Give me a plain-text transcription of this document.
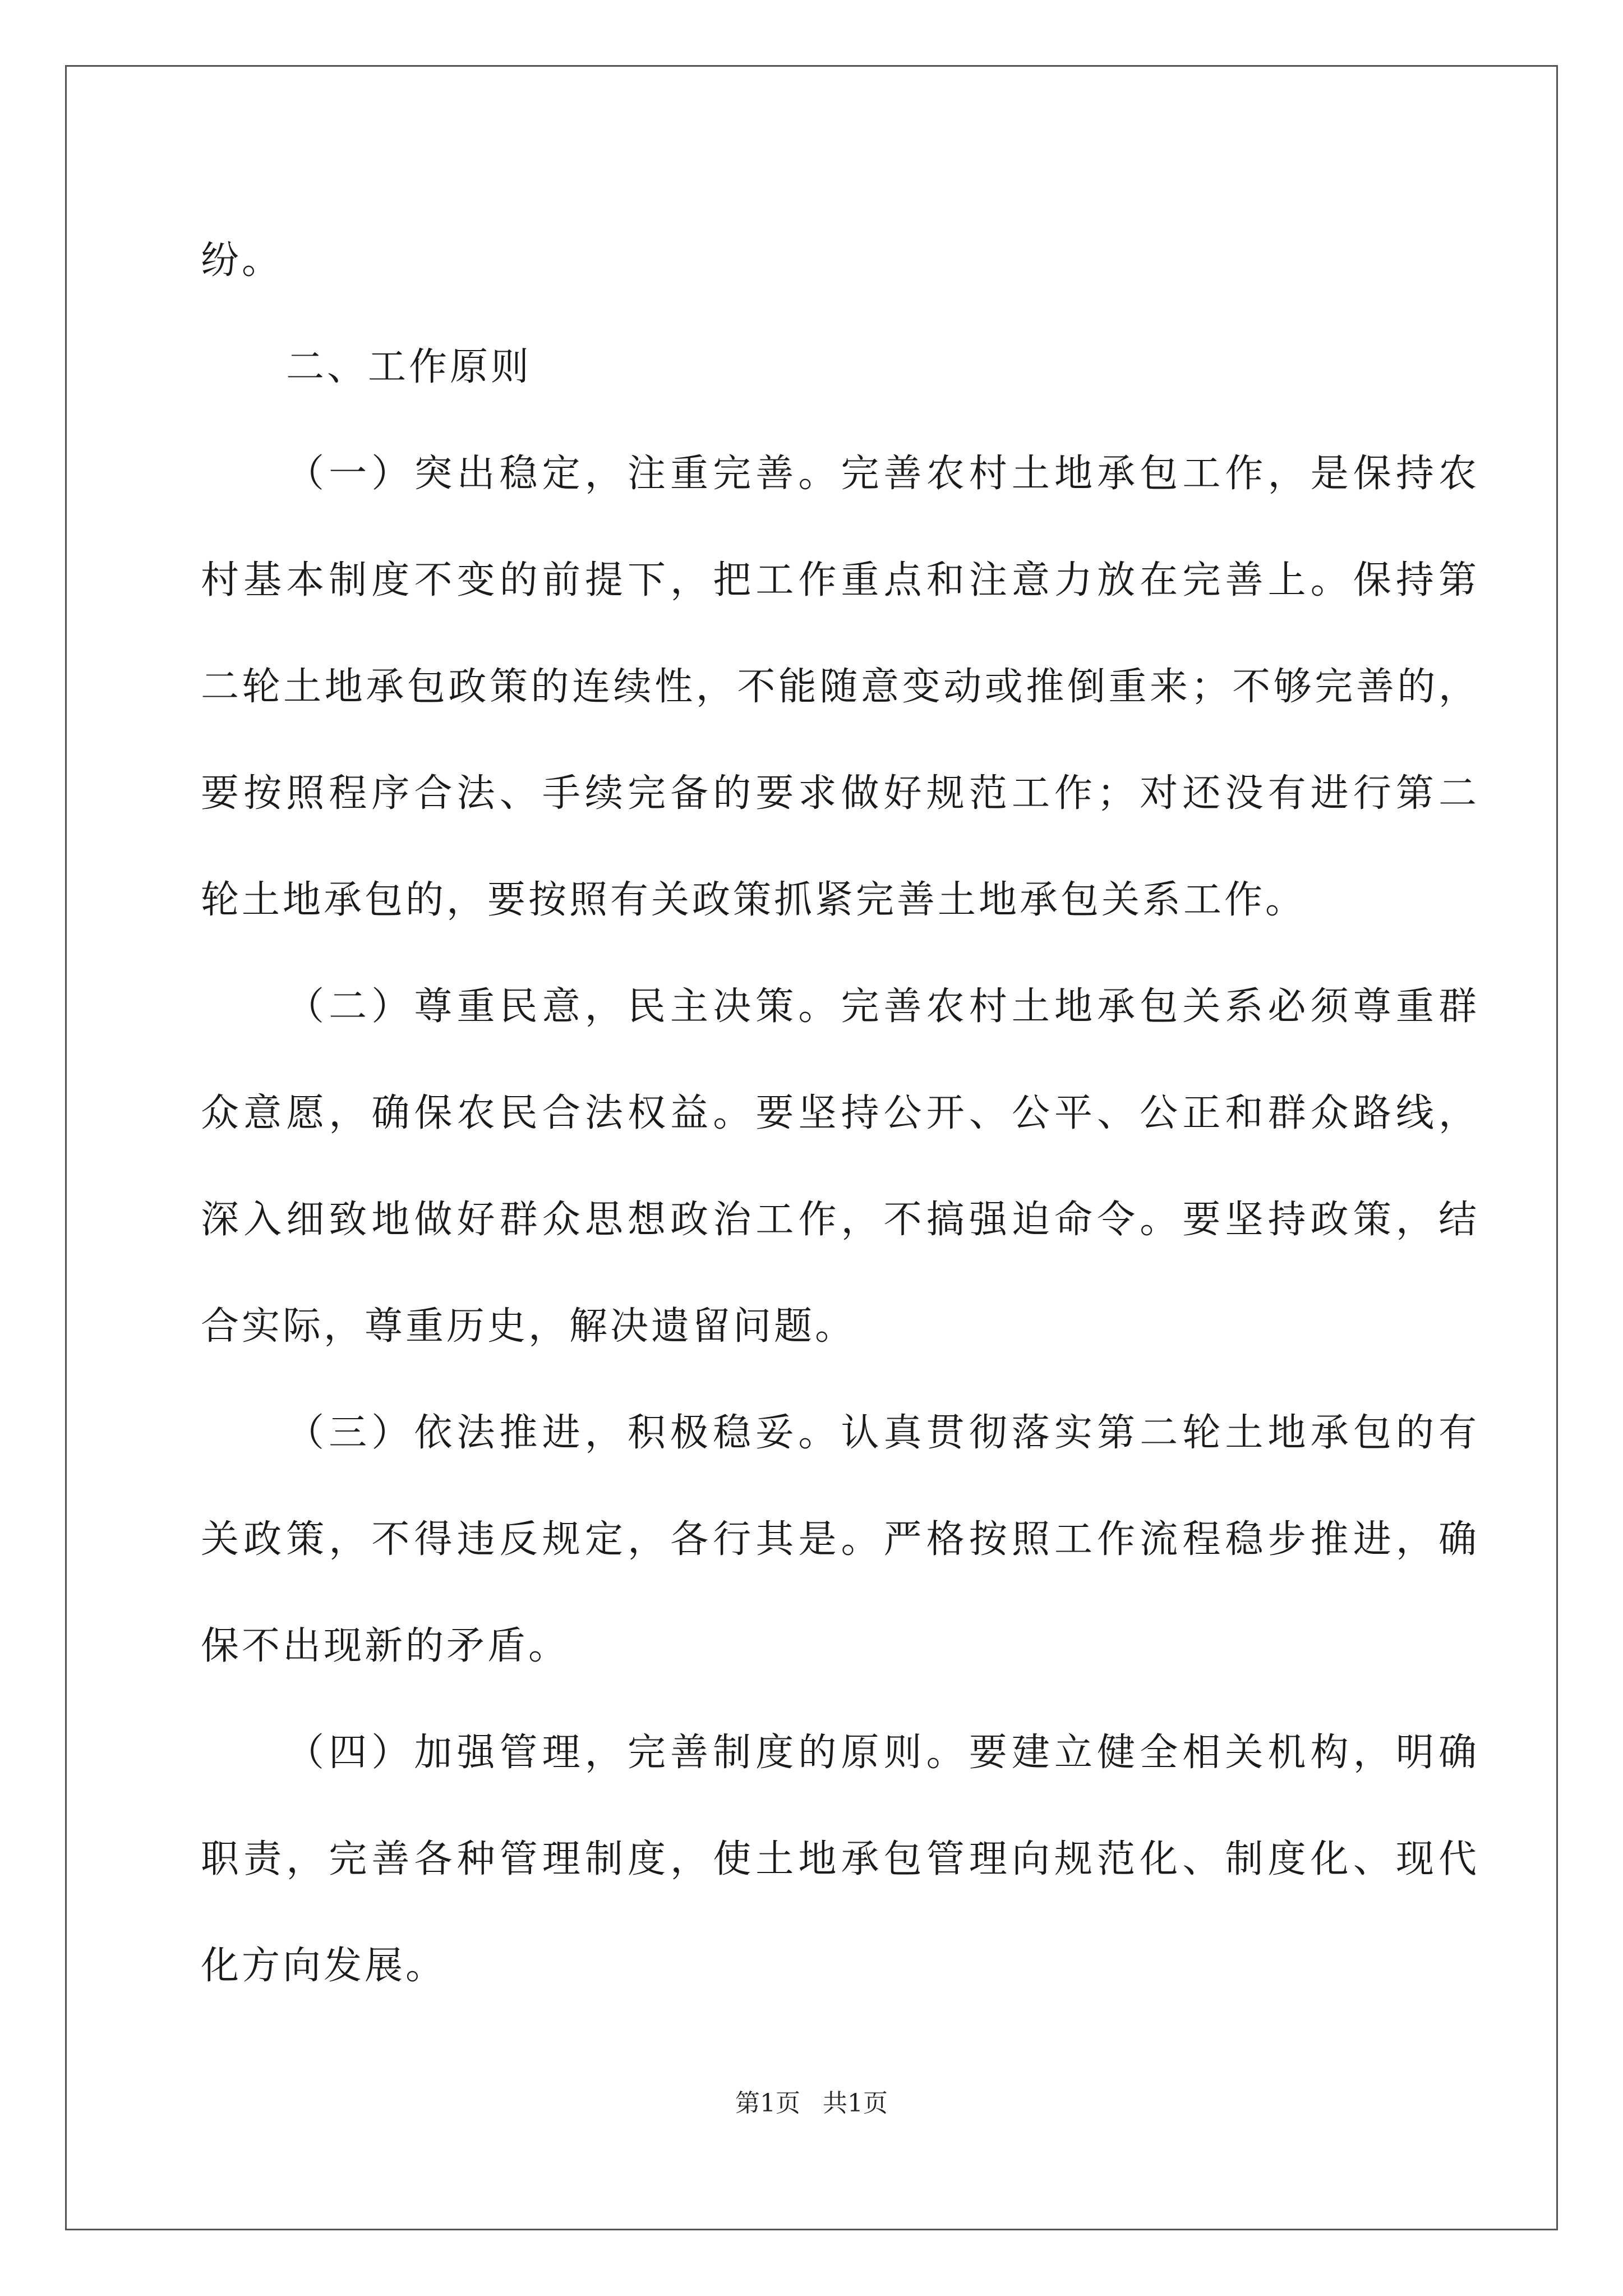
纷。
二、工作原则
（一）突出稳定，注重完善。完善农村土地承包工作，是保持农
村基本制度不变的前提下，把工作重点和注意力放在完善上。保持第
二轮土地承包政策的连续性，不能随意变动或推倒重来；不够完善的，
要按照程序合法、手续完备的要求做好规范工作；对还没有进行第二
轮土地承包的，要按照有关政策抓紧完善土地承包关系工作。
（二）尊重民意，民主决策。完善农村土地承包关系必须尊重群
众意愿，确保农民合法权益。要坚持公开、公平、公正和群众路线，
深入细致地做好群众思想政治工作，不搞强迫命令。要坚持政策，结
合实际，尊重历史，解决遗留问题。
（三）依法推进，积极稳妥。认真贯彻落实第二轮土地承包的有
关政策，不得违反规定，各行其是。严格按照工作流程稳步推进，确
保不出现新的矛盾。
（四）加强管理，完善制度的原则。要建立健全相关机构，明确
职责，完善各种管理制度，使土地承包管理向规范化、制度化、现代
化方向发展。
第1页 共1页
